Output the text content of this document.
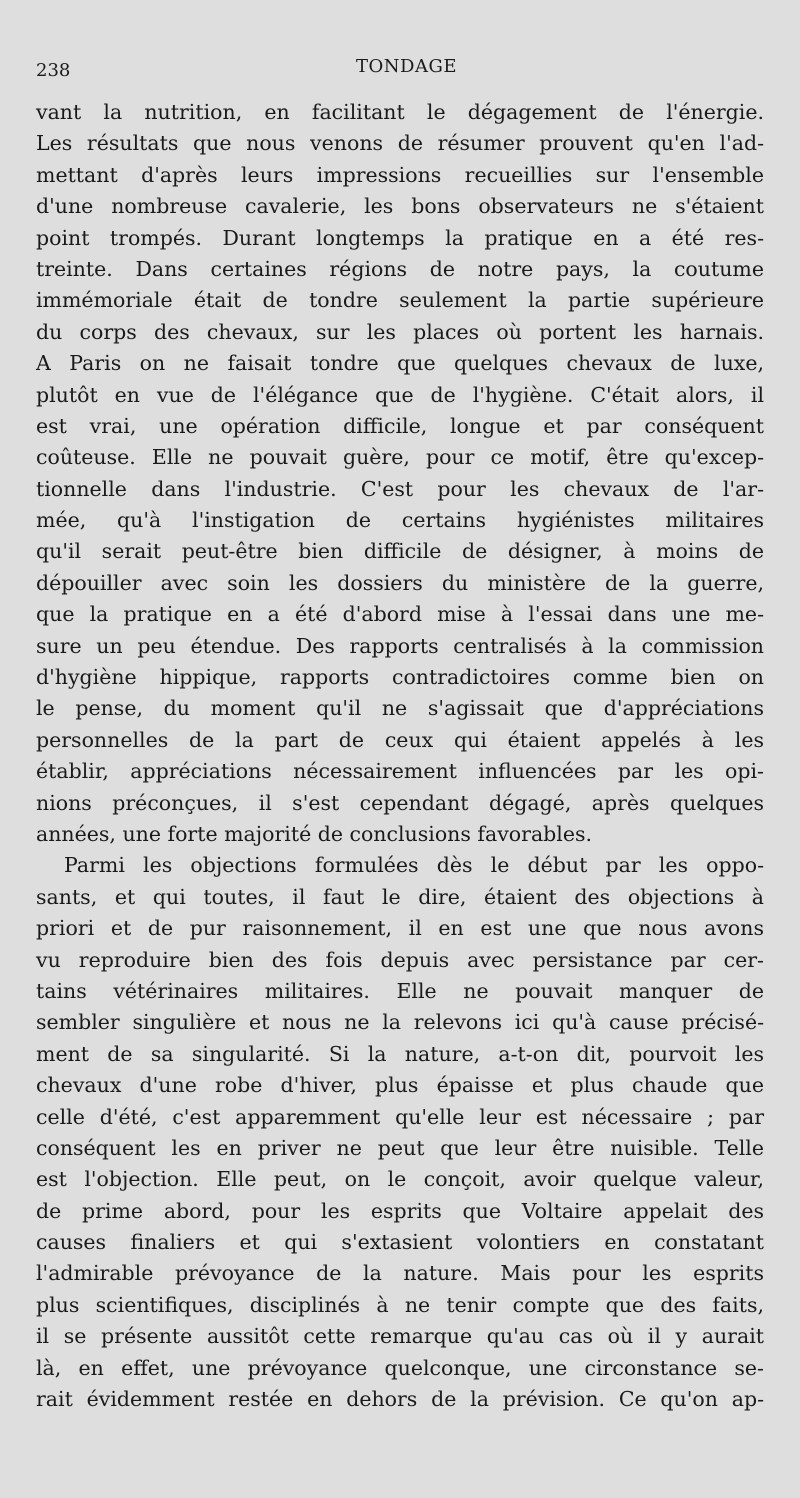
238	TONDAGE
vant la nutrition, en facilitant le dégagement de l'énergie.
Les résultats que nous venons de résumer prouvent qu'en l'ad-
mettant d'après leurs impressions recueillies sur l'ensemble
d'une nombreuse cavalerie, les bons observateurs ne s'étaient
point trompés. Durant longtemps la pratique en a été res-
treinte. Dans certaines régions de notre pays, la coutume
immémoriale était de tondre seulement la partie supérieure
du corps des chevaux, sur les places où portent les harnais.
A Paris on ne faisait tondre que quelques chevaux de luxe,
plutôt en vue de l'élégance que de l'hygiène. C'était alors, il
est vrai, une opération difficile, longue et par conséquent
coûteuse. Elle ne pouvait guère, pour ce motif, être qu'excep-
tionnelle dans l'industrie. C'est pour les chevaux de l'ar-
mée, qu'à l'instigation de certains hygiénistes militaires
qu'il serait peut-être bien difficile de désigner, à moins de
dépouiller avec soin les dossiers du ministère de la guerre,
que la pratique en a été d'abord mise à l'essai dans une me-
sure un peu étendue. Des rapports centralisés à la commission
d'hygiène hippique, rapports contradictoires comme bien on
le pense, du moment qu'il ne s'agissait que d'appréciations
personnelles de la part de ceux qui étaient appelés à les
établir, appréciations nécessairement influencées par les opi-
nions préconçues, il s'est cependant dégagé, après quelques
années, une forte majorité de conclusions favorables.
Parmi les objections formulées dès le début par les oppo-
sants, et qui toutes, il faut le dire, étaient des objections à
priori et de pur raisonnement, il en est une que nous avons
vu reproduire bien des fois depuis avec persistance par cer-
tains vétérinaires militaires. Elle ne pouvait manquer de
sembler singulière et nous ne la relevons ici qu'à cause précisé-
ment de sa singularité. Si la nature, a-t-on dit, pourvoit les
chevaux d'une robe d'hiver, plus épaisse et plus chaude que
celle d'été, c'est apparemment qu'elle leur est nécessaire ; par
conséquent les en priver ne peut que leur être nuisible. Telle
est l'objection. Elle peut, on le conçoit, avoir quelque valeur,
de prime abord, pour les esprits que Voltaire appelait des
causes finaliers et qui s'extasient volontiers en constatant
l'admirable prévoyance de la nature. Mais pour les esprits
plus scientifiques, disciplinés à ne tenir compte que des faits,
il se présente aussitôt cette remarque qu'au cas où il y aurait
là, en effet, une prévoyance quelconque, une circonstance se-
rait évidemment restée en dehors de la prévision. Ce qu'on ap-
